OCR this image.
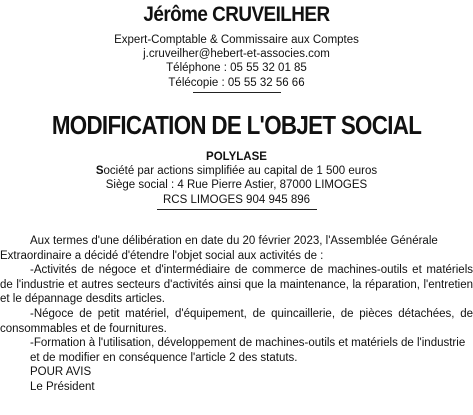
Jérôme CRUVEILHER
Expert-Comptable & Commissaire aux Comptes
j.cruveilher@hebert-et-associes.com
Téléphone : 05 55 32 01 85
Télécopie : 05 55 32 56 66
MODIFICATION DE L'OBJET SOCIAL
POLYLASE
Société par actions simplifiée au capital de 1 500 euros
Siège social : 4 Rue Pierre Astier, 87000 LIMOGES
RCS LIMOGES 904 945 896
Aux termes d'une délibération en date du 20 février 2023, l'Assemblée Générale
Extraordinaire a décidé d'étendre l'objet social aux activités de :
-Activités de négoce et d'intermédiaire de commerce de machines-outils et matériels de l'industrie et autres secteurs d'activités ainsi que la maintenance, la réparation, l'entretien et le dépannage desdits articles.
-Négoce de petit matériel, d'équipement, de quincaillerie, de pièces détachées, de consommables et de fournitures.
-Formation à l'utilisation, développement de machines-outils et matériels de l'industrie
et de modifier en conséquence l'article 2 des statuts.
POUR AVIS
Le Président
